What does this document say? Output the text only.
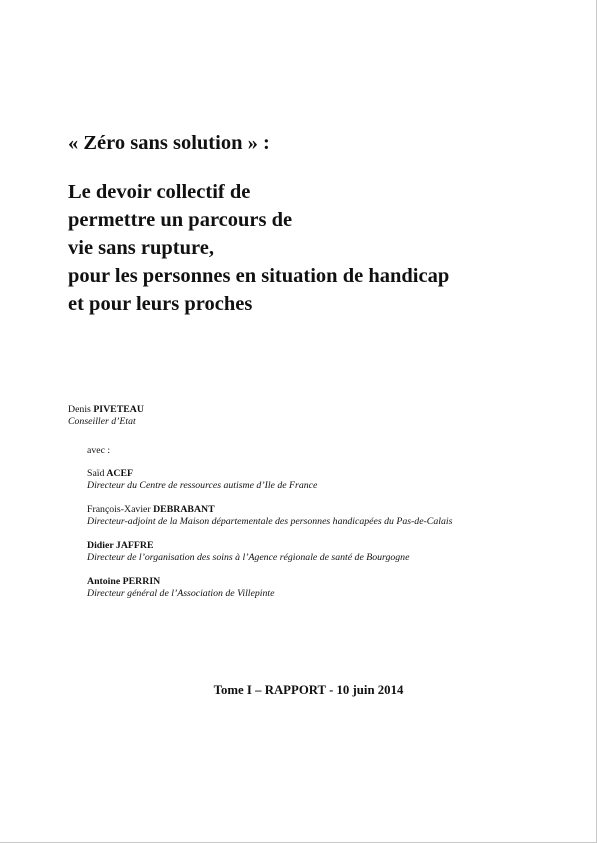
« Zéro sans solution » :

Le devoir collectif de
permettre un parcours de
vie sans rupture,
pour les personnes en situation de handicap
et pour leurs proches
Denis PIVETEAU
Conseiller d’Etat
avec :
Saïd ACEF
Directeur du Centre de ressources autisme d’Ile de France
François-Xavier DEBRABANT
Directeur-adjoint de la Maison départementale des personnes handicapées du Pas-de-Calais
Didier JAFFRE
Directeur de l’organisation des soins à l’Agence régionale de santé de Bourgogne
Antoine PERRIN
Directeur général de l’Association de Villepinte
Tome I – RAPPORT - 10 juin 2014
